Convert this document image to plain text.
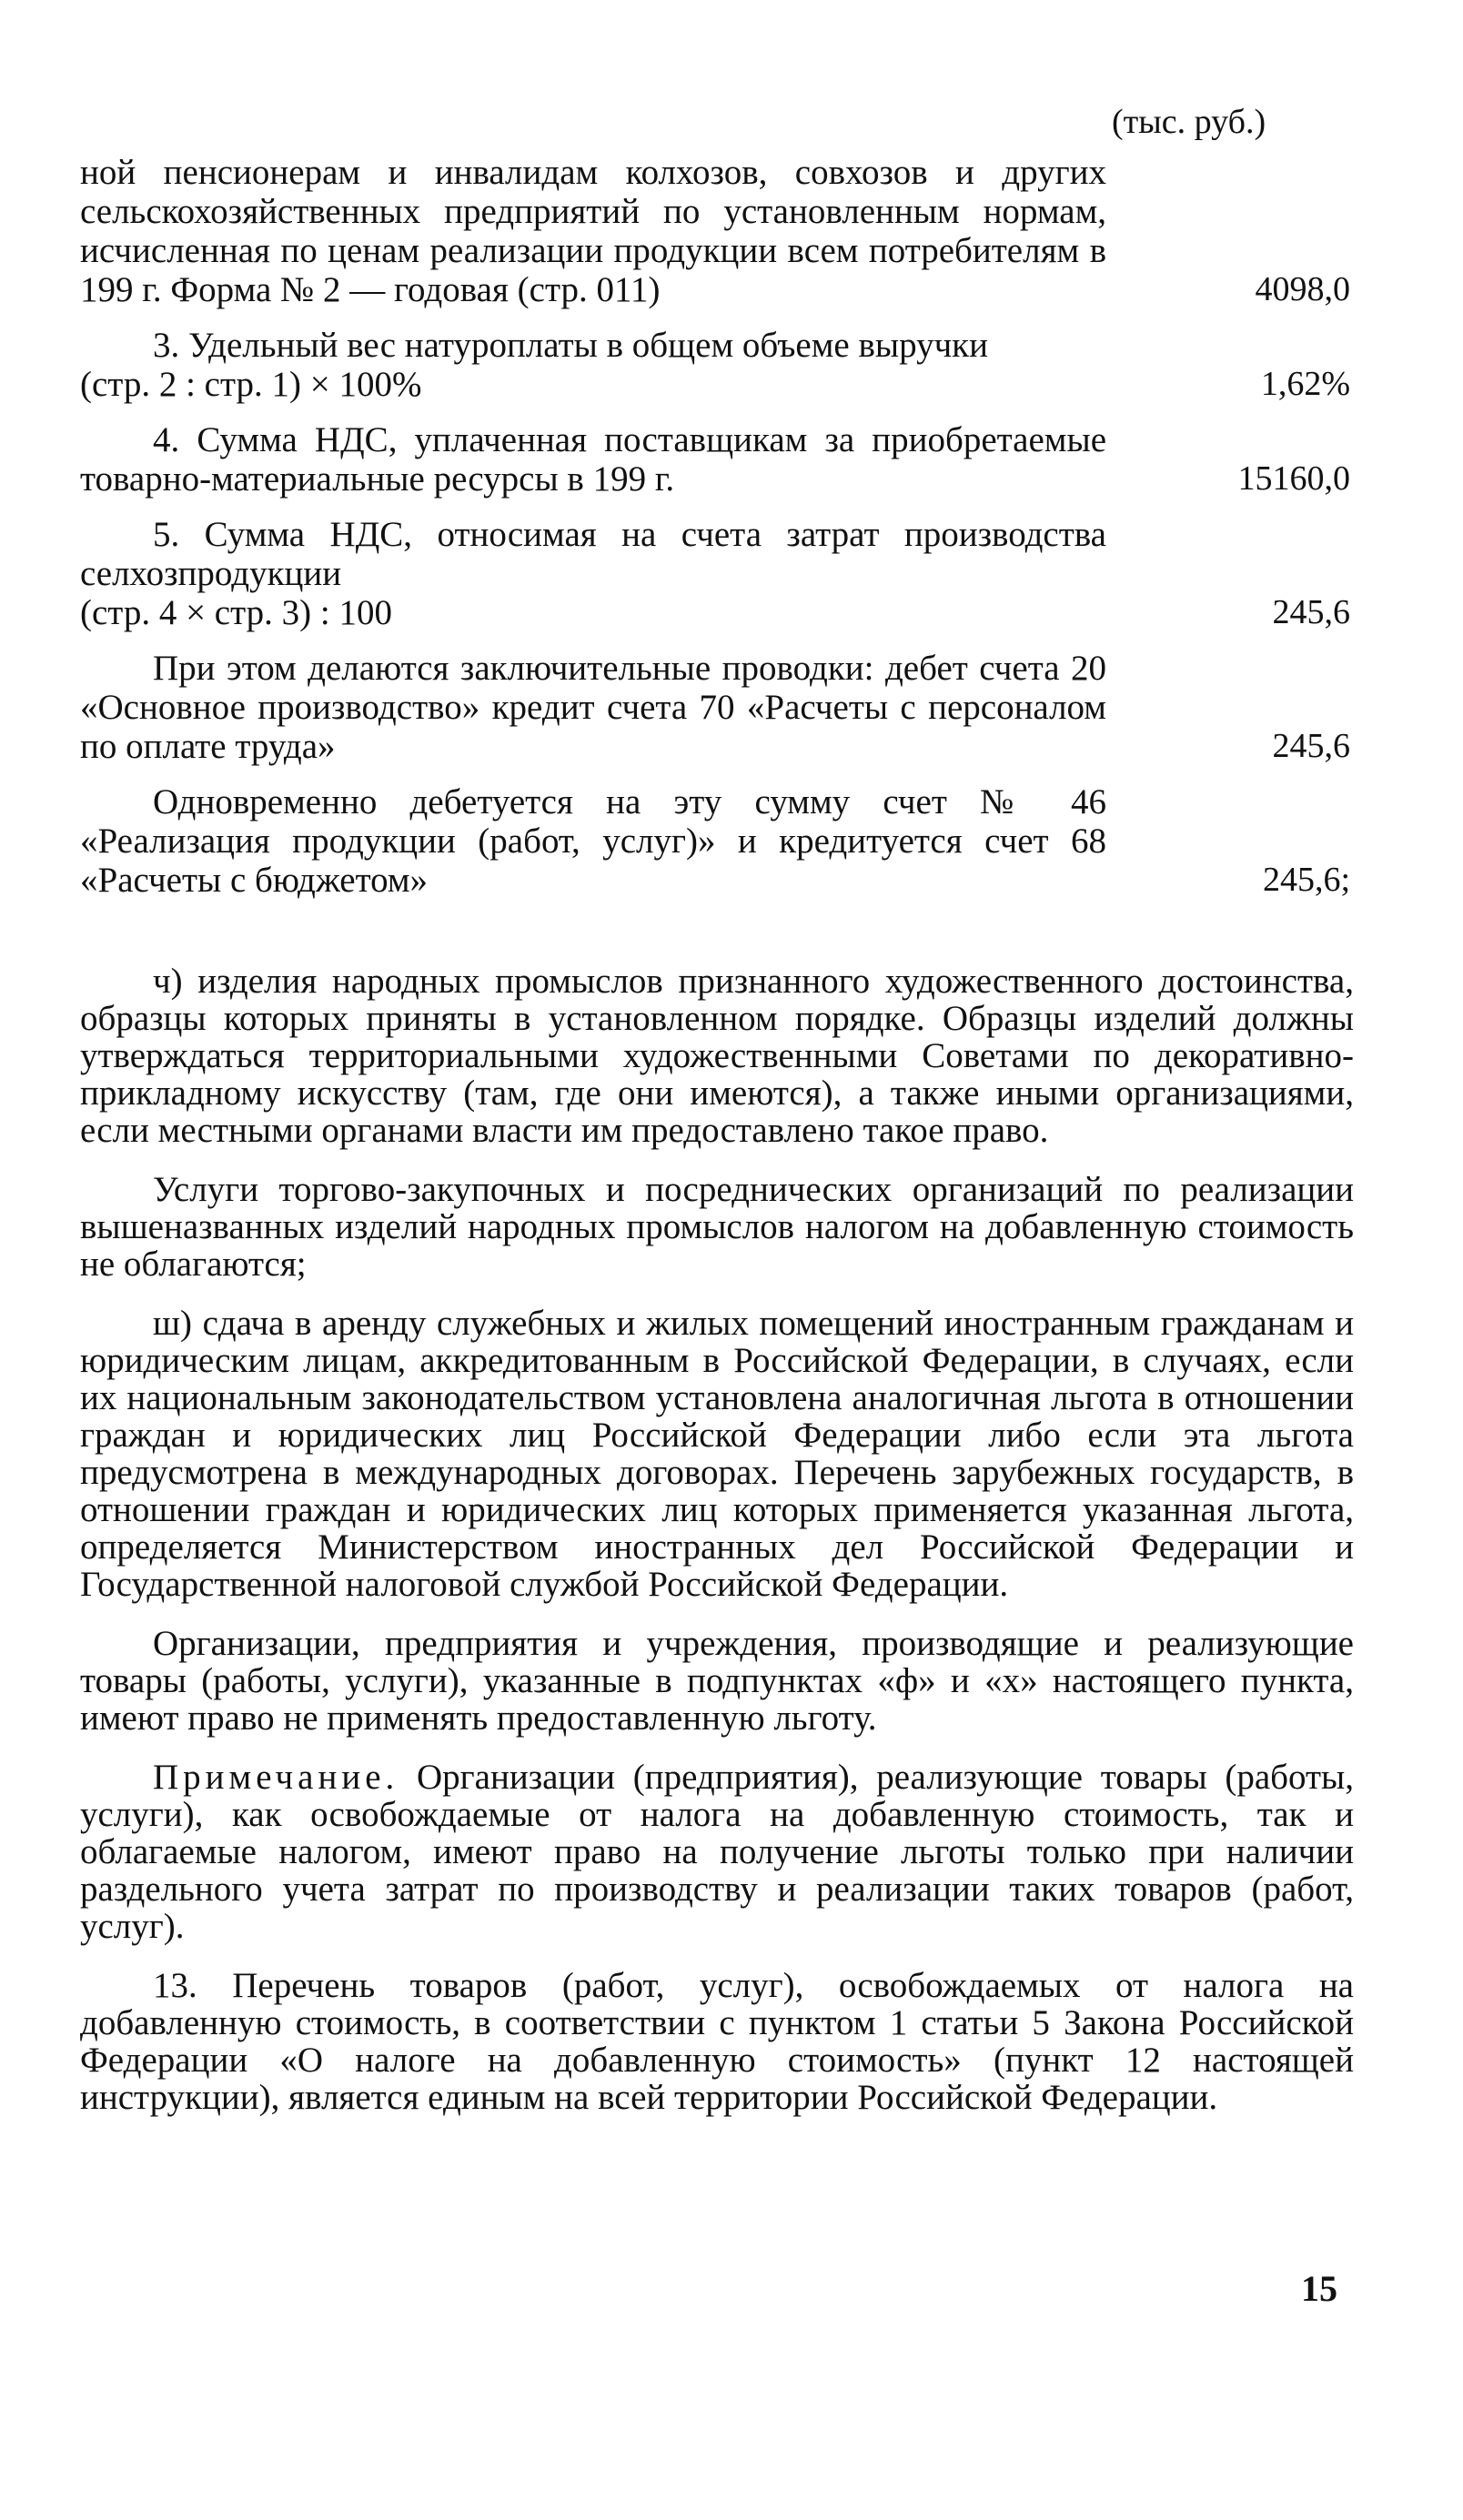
(тыс. руб.)

ной пенсионерам и инвалидам колхозов, совхозов и других сельскохозяйственных предприятий по установленным нормам, исчисленная по ценам реализации продукции всем потребителям в 199 г. Форма № 2 — годовая (стр. 011)	4098,0

3. Удельный вес натуроплаты в общем объеме выручки

(стр. 2 : стр. 1) × 100%	1,62%

4. Сумма НДС, уплаченная поставщикам за приобретаемые товарно-материальные ресурсы в 199 г.	15160,0

5. Сумма НДС, относимая на счета затрат производства селхозпродукции

(стр. 4 × стр. 3) : 100	245,6

При этом делаются заключительные проводки: дебет счета 20 «Основное производство» кредит счета 70 «Расчеты с персоналом по оплате труда»	245,6

Одновременно дебетуется на эту сумму счет № 46 «Реализация продукции (работ, услуг)» и кредитуется счет 68 «Расчеты с бюджетом»	245,6;

ч) изделия народных промыслов признанного художественного достоинства, образцы которых приняты в установленном порядке. Образцы изделий должны утверждаться территориальными художественными Советами по декоративно-прикладному искусству (там, где они имеются), а также иными организациями, если местными органами власти им предоставлено такое право.

Услуги торгово-закупочных и посреднических организаций по реализации вышеназванных изделий народных промыслов налогом на добавленную стоимость не облагаются;

ш) сдача в аренду служебных и жилых помещений иностранным гражданам и юридическим лицам, аккредитованным в Российской Федерации, в случаях, если их национальным законодательством установлена аналогичная льгота в отношении граждан и юридических лиц Российской Федерации либо если эта льгота предусмотрена в международных договорах. Перечень зарубежных государств, в отношении граждан и юридических лиц которых применяется указанная льгота, определяется Министерством иностранных дел Российской Федерации и Государственной налоговой службой Российской Федерации.

Организации, предприятия и учреждения, производящие и реализующие товары (работы, услуги), указанные в подпунктах «ф» и «х» настоящего пункта, имеют право не применять предоставленную льготу.

Примечание. Организации (предприятия), реализующие товары (работы, услуги), как освобождаемые от налога на добавленную стоимость, так и облагаемые налогом, имеют право на получение льготы только при наличии раздельного учета затрат по производству и реализации таких товаров (работ, услуг).

13. Перечень товаров (работ, услуг), освобождаемых от налога на добавленную стоимость, в соответствии с пунктом 1 статьи 5 Закона Российской Федерации «О налоге на добавленную стоимость» (пункт 12 настоящей инструкции), является единым на всей территории Российской Федерации.

15
